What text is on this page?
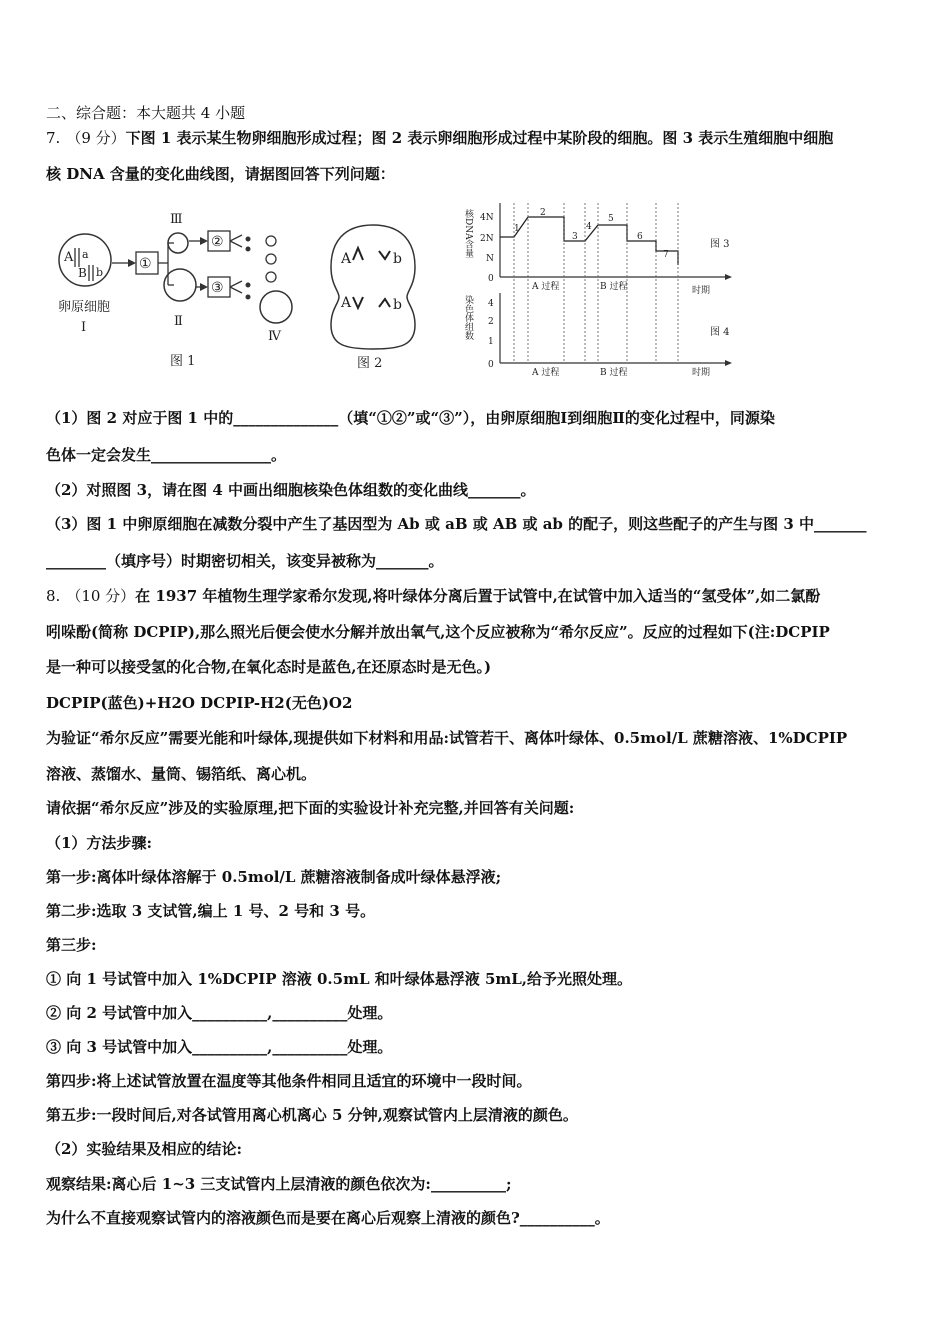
二、综合题：本大题共 4 小题
7. （9 分）下图 1 表示某生物卵细胞形成过程；图 2 表示卵细胞形成过程中某阶段的细胞。图 3 表示生殖细胞中细胞
核 DNA 含量的变化曲线图，请据图回答下列问题：
A a
B b
卵原细胞
Ⅰ
①
Ⅲ
Ⅱ
②
③
Ⅳ
图 1
A	b
A	b
图 2
核DNA含量 4N
2N
N
0
1
2
3
4
5
6
7
A 过程	B 过程	时期
图 3
染色体组数 4
2
1
0
A 过程	B 过程	时期
图 4
（1）图 2 对应于图 1 中的______________（填“①②”或“③”），由卵原细胞Ⅰ到细胞Ⅱ的变化过程中，同源染
色体一定会发生________________。
（2）对照图 3，请在图 4 中画出细胞核染色体组数的变化曲线_______。
（3）图 1 中卵原细胞在减数分裂中产生了基因型为 Ab 或 aB 或 AB 或 ab 的配子，则这些配子的产生与图 3 中_______
________（填序号）时期密切相关，该变异被称为_______。
8. （10 分）在 1937 年植物生理学家希尔发现,将叶绿体分离后置于试管中,在试管中加入适当的“氢受体”,如二氯酚
吲哚酚(简称 DCPIP),那么照光后便会使水分解并放出氧气,这个反应被称为“希尔反应”。反应的过程如下(注:DCPIP
是一种可以接受氢的化合物,在氧化态时是蓝色,在还原态时是无色。)
DCPIP(蓝色)+H2O DCPIP-H2(无色)O2
为验证“希尔反应”需要光能和叶绿体,现提供如下材料和用品:试管若干、离体叶绿体、0.5mol/L 蔗糖溶液、1%DCPIP
溶液、蒸馏水、量筒、锡箔纸、离心机。
请依据“希尔反应”涉及的实验原理,把下面的实验设计补充完整,并回答有关问题:
（1）方法步骤:
第一步:离体叶绿体溶解于 0.5mol/L 蔗糖溶液制备成叶绿体悬浮液;
第二步:选取 3 支试管,编上 1 号、2 号和 3 号。
第三步:
① 向 1 号试管中加入 1%DCPIP 溶液 0.5mL 和叶绿体悬浮液 5mL,给予光照处理。
② 向 2 号试管中加入__________,__________处理。
③ 向 3 号试管中加入__________,__________处理。
第四步:将上述试管放置在温度等其他条件相同且适宜的环境中一段时间。
第五步:一段时间后,对各试管用离心机离心 5 分钟,观察试管内上层清液的颜色。
（2）实验结果及相应的结论:
观察结果:离心后 1~3 三支试管内上层清液的颜色依次为:__________;
为什么不直接观察试管内的溶液颜色而是要在离心后观察上清液的颜色?__________。
